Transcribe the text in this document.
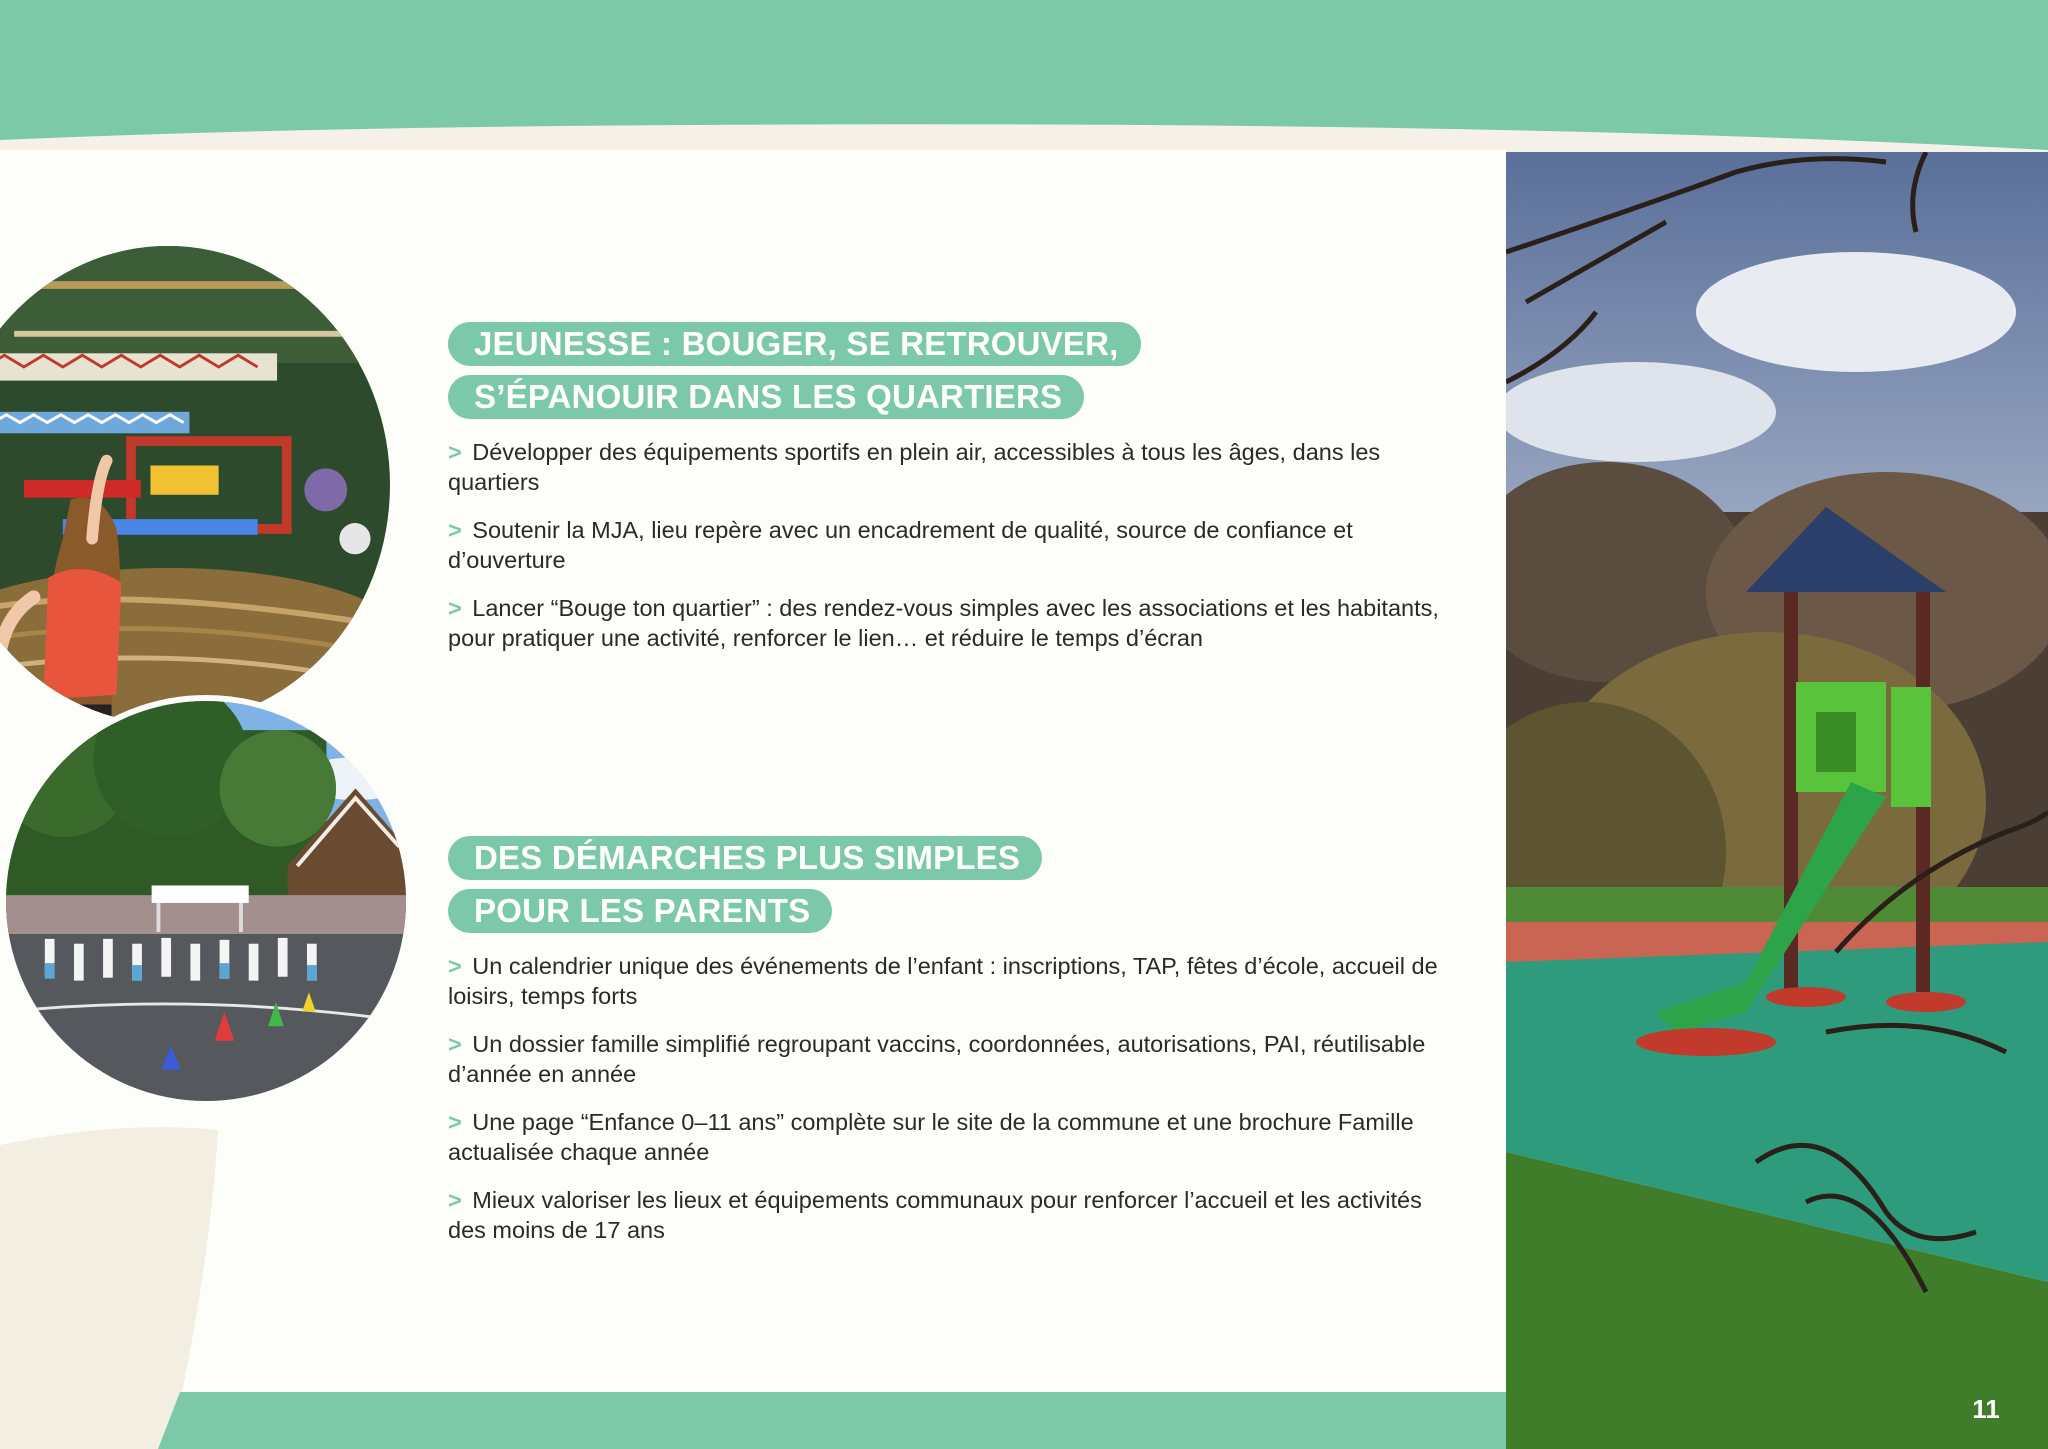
JEUNESSE : BOUGER, SE RETROUVER,
S’ÉPANOUIR DANS LES QUARTIERS
> Développer des équipements sportifs en plein air, accessibles à tous les âges, dans les quartiers
> Soutenir la MJA, lieu repère avec un encadrement de qualité, source de confiance et d’ouverture
> Lancer “Bouge ton quartier” : des rendez-vous simples avec les associations et les habitants, pour pratiquer une activité, renforcer le lien… et réduire le temps d’écran
DES DÉMARCHES PLUS SIMPLES
POUR LES PARENTS
> Un calendrier unique des événements de l’enfant : inscriptions, TAP, fêtes d’école, accueil de loisirs, temps forts
> Un dossier famille simplifié regroupant vaccins, coordonnées, autorisations, PAI, réutilisable d’année en année
> Une page “Enfance 0–11 ans” complète sur le site de la commune et une brochure Famille actualisée chaque année
> Mieux valoriser les lieux et équipements communaux pour renforcer l’accueil et les activités des moins de 17 ans
11
